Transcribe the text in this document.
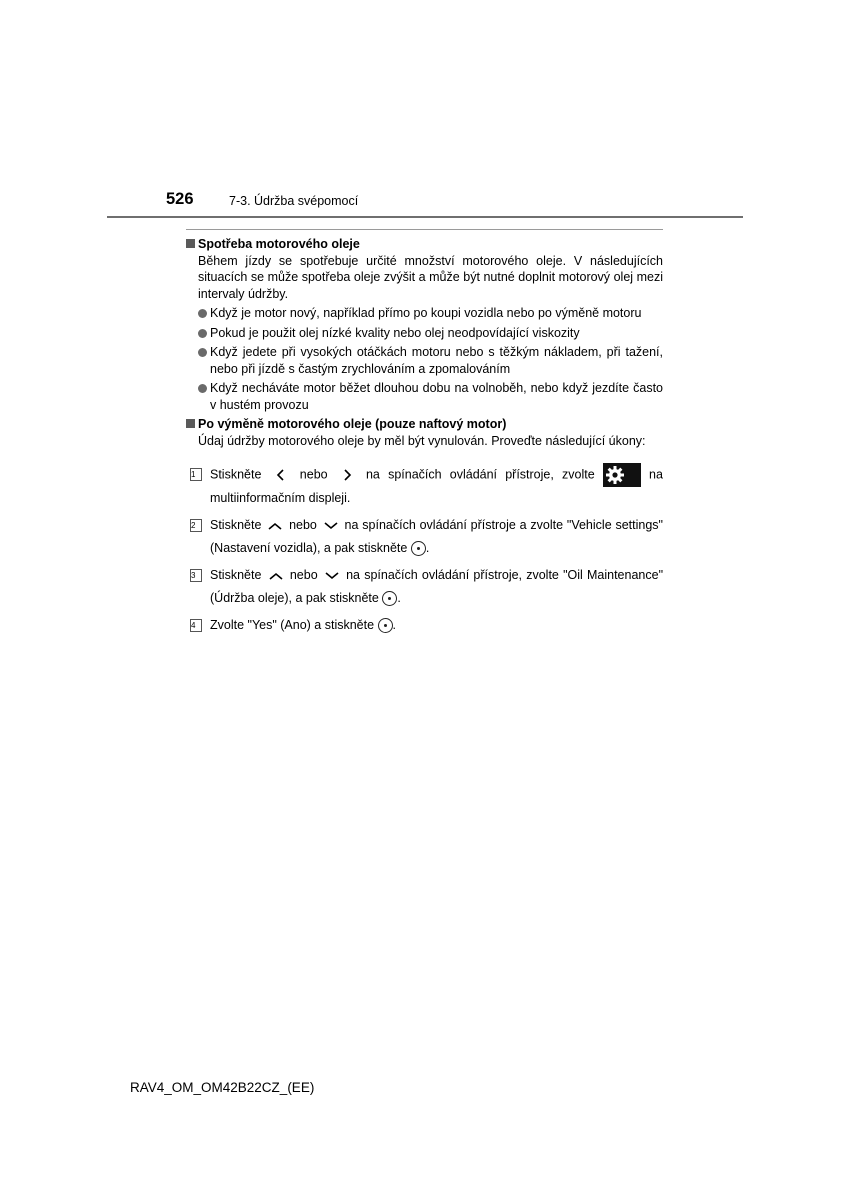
526	7-3. Údržba svépomocí
Spotřeba motorového oleje
Během jízdy se spotřebuje určité množství motorového oleje. V následujících situacích se může spotřeba oleje zvýšit a může být nutné doplnit motorový olej mezi intervaly údržby.
Když je motor nový, například přímo po koupi vozidla nebo po výměně motoru
Pokud je použit olej nízké kvality nebo olej neodpovídající viskozity
Když jedete při vysokých otáčkách motoru nebo s těžkým nákladem, při tažení, nebo při jízdě s častým zrychlováním a zpomalováním
Když necháváte motor běžet dlouhou dobu na volnoběh, nebo když jezdíte často v hustém provozu
Po výměně motorového oleje (pouze naftový motor)
Údaj údržby motorového oleje by měl být vynulován. Proveďte následující úkony:
1	Stiskněte	nebo	na spínačích ovládání přístroje, zvolte	na multiinformačním displeji.
2	Stiskněte nebo na spínačích ovládání přístroje a zvolte "Vehicle settings" (Nastavení vozidla), a pak stiskněte .
3	Stiskněte nebo na spínačích ovládání přístroje, zvolte "Oil Maintenance" (Údržba oleje), a pak stiskněte .
4	Zvolte "Yes" (Ano) a stiskněte .
RAV4_OM_OM42B22CZ_(EE)
